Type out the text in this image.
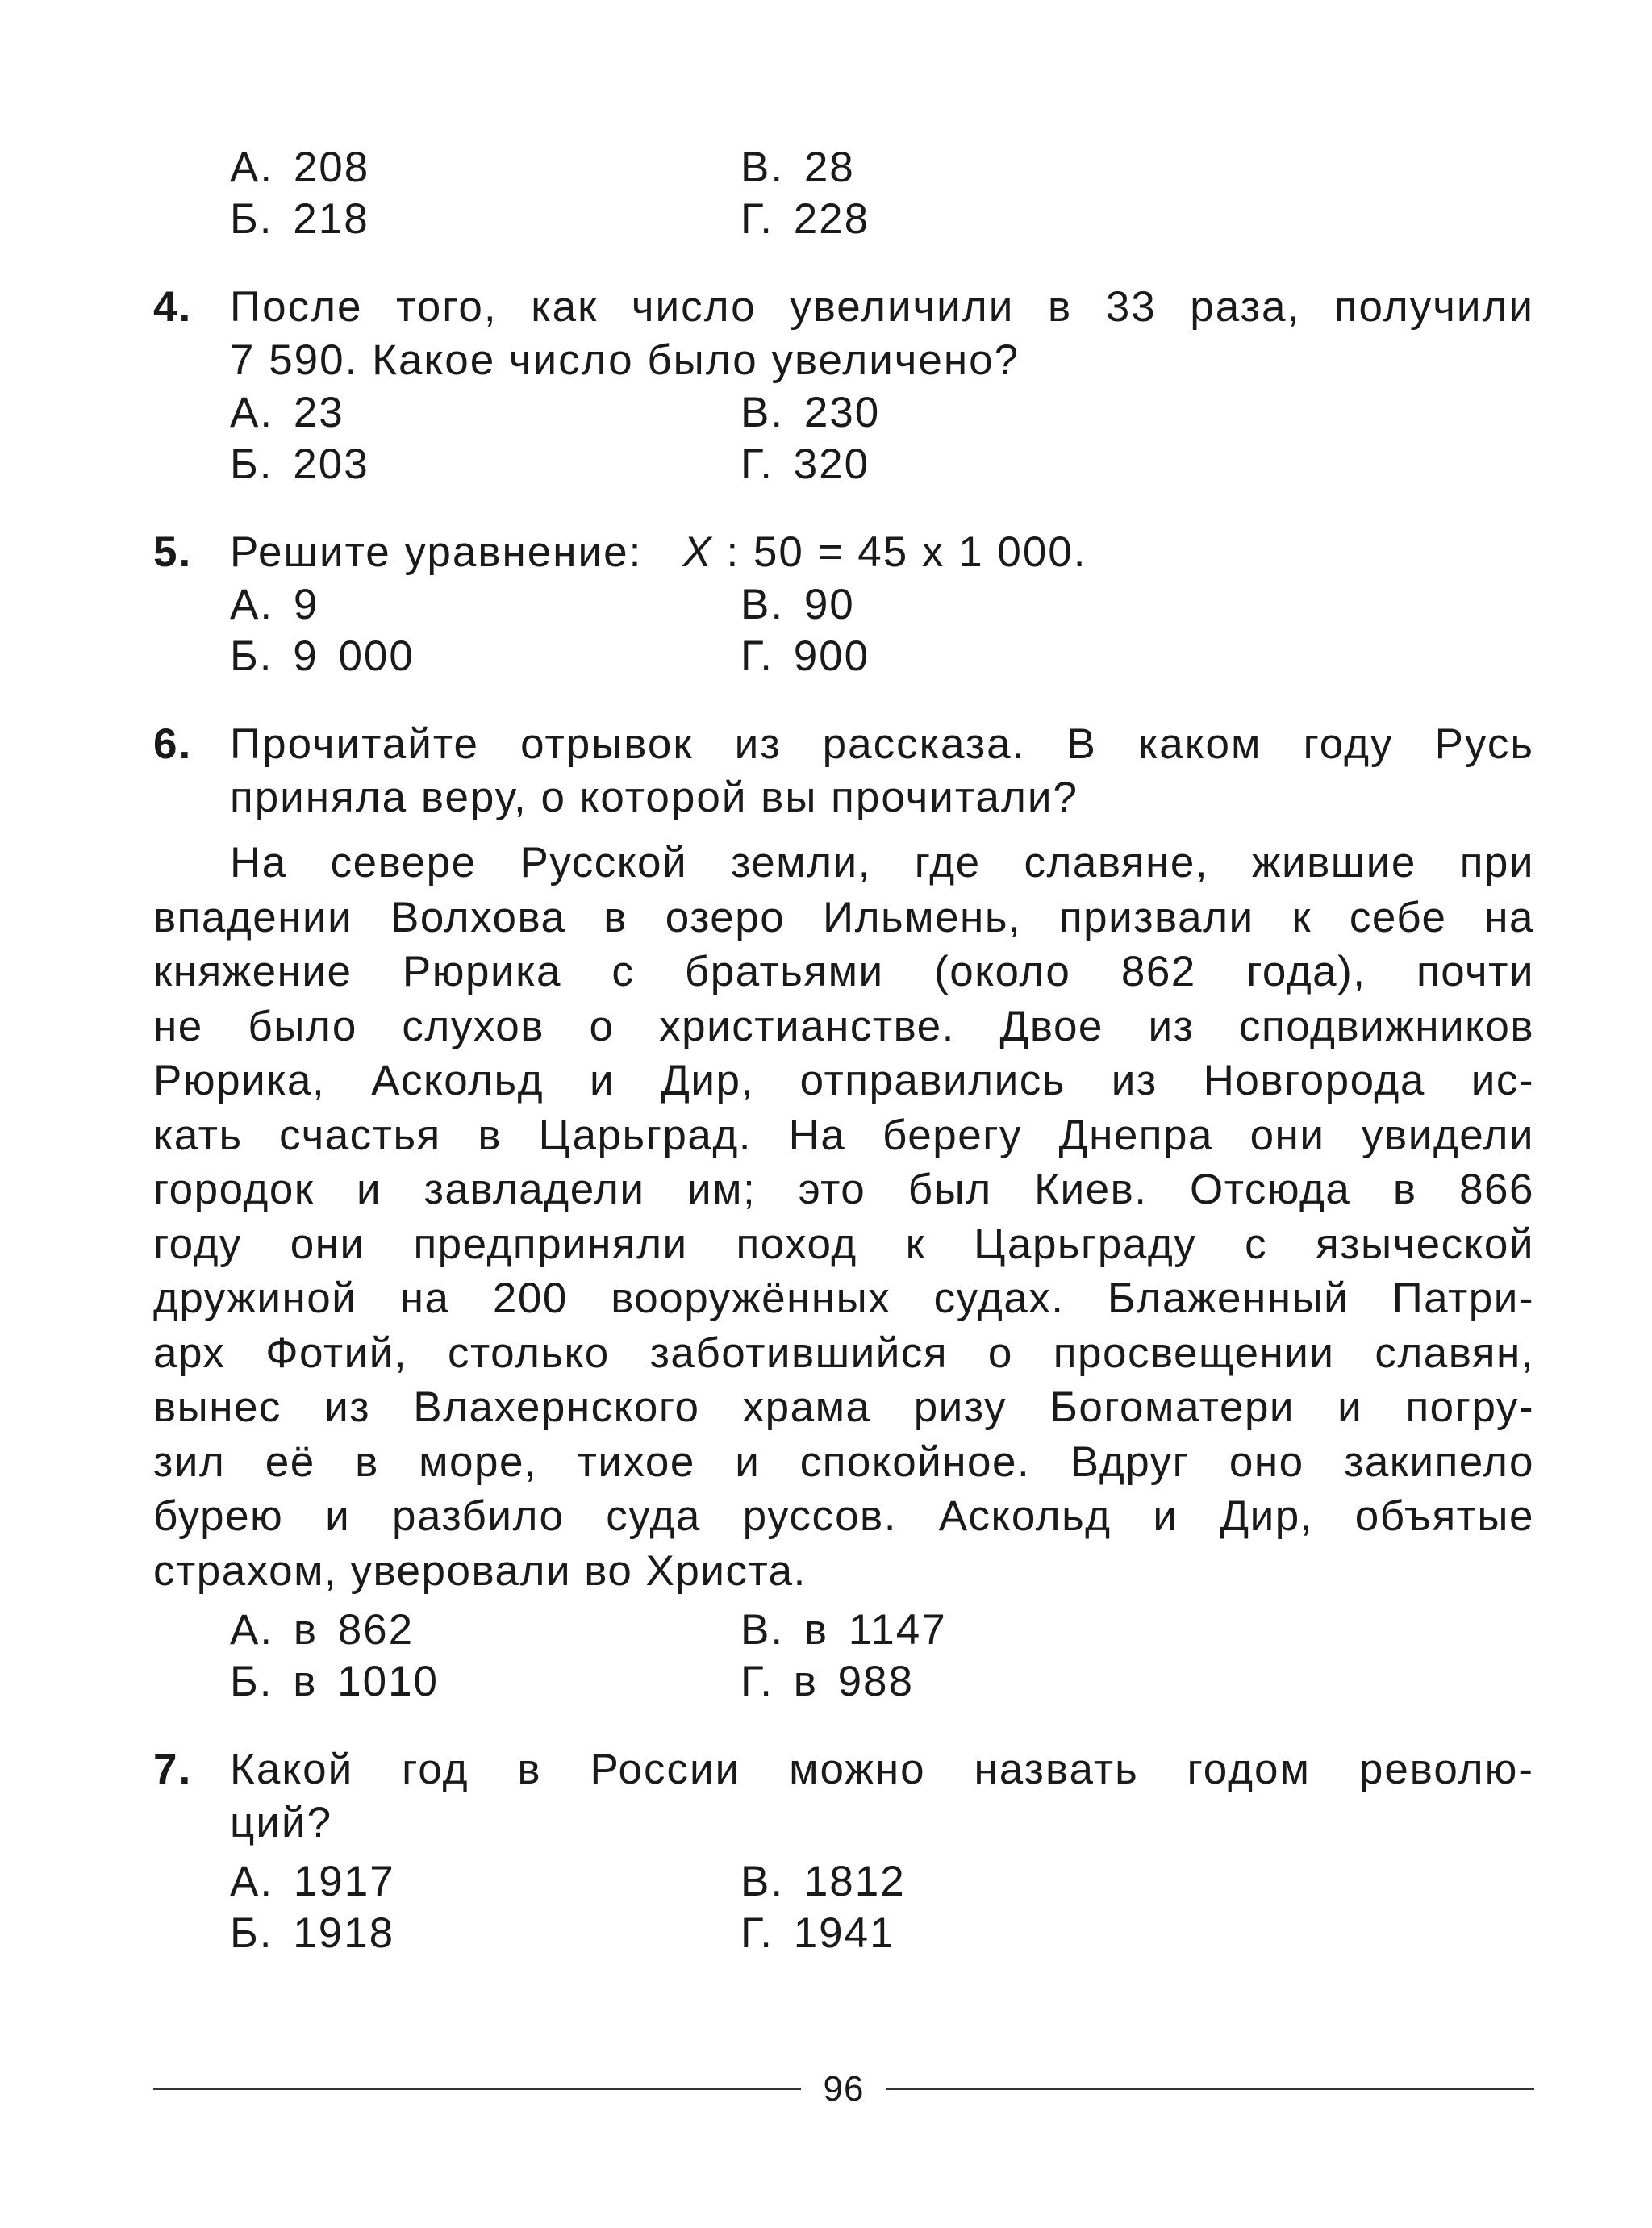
А. 208	В. 28
Б. 218	Г. 228
4. После того, как число увеличили в 33 раза, получили
7 590. Какое число было увеличено?
А. 23	В. 230
Б. 203	Г. 320
5. Решите уравнение: X : 50 = 45 x 1 000.
А. 9	В. 90
Б. 9 000	Г. 900
6. Прочитайте отрывок из рассказа. В каком году Русь
приняла веру, о которой вы прочитали?
На севере Русской земли, где славяне, жившие при
впадении Волхова в озеро Ильмень, призвали к себе на
княжение Рюрика с братьями (около 862 года), почти
не было слухов о христианстве. Двое из сподвижников
Рюрика, Аскольд и Дир, отправились из Новгорода ис-
кать счастья в Царьград. На берегу Днепра они увидели
городок и завладели им; это был Киев. Отсюда в 866
году они предприняли поход к Царьграду с языческой
дружиной на 200 вооружённых судах. Блаженный Патри-
арх Фотий, столько заботившийся о просвещении славян,
вынес из Влахернского храма ризу Богоматери и погру-
зил её в море, тихое и спокойное. Вдруг оно закипело
бурею и разбило суда руссов. Аскольд и Дир, объятые
страхом, уверовали во Христа.
А. в 862	В. в 1147
Б. в 1010	Г. в 988
7. Какой год в России можно назвать годом револю-
ций?
А. 1917	В. 1812
Б. 1918	Г. 1941
96
